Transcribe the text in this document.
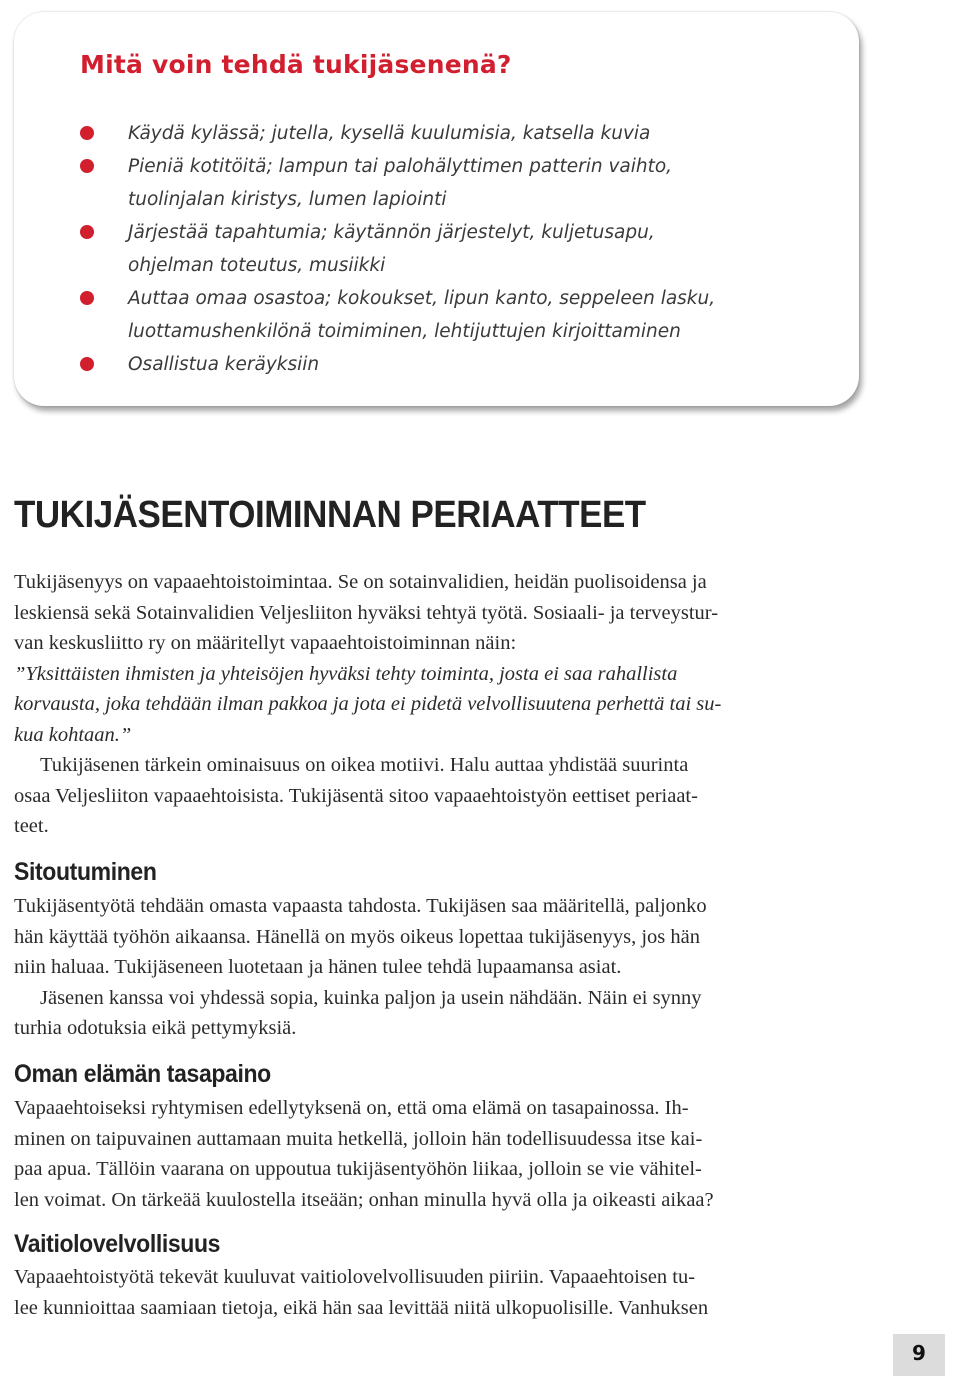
Mitä voin tehdä tukijäsenenä?
Käydä kylässä; jutella, kysellä kuulumisia, katsella kuvia
Pieniä kotitöitä; lampun tai palohälyttimen patterin vaihto,
tuolinjalan kiristys, lumen lapiointi
Järjestää tapahtumia; käytännön järjestelyt, kuljetusapu,
ohjelman toteutus, musiikki
Auttaa omaa osastoa; kokoukset, lipun kanto, seppeleen lasku,
luottamushenkilönä toimiminen, lehtijuttujen kirjoittaminen
Osallistua keräyksiin
TUKIJÄSENTOIMINNAN PERIAATTEET

Tukijäsenyys on vapaaehtoistoimintaa. Se on sotainvalidien, heidän puolisoidensa ja
leskiensä sekä Sotainvalidien Veljesliiton hyväksi tehtyä työtä. Sosiaali- ja terveystur-
van keskusliitto ry on määritellyt vapaaehtoistoiminnan näin:
”Yksittäisten ihmisten ja yhteisöjen hyväksi tehty toiminta, josta ei saa rahallista
korvausta, joka tehdään ilman pakkoa ja jota ei pidetä velvollisuutena perhettä tai su-
kua kohtaan.”
Tukijäsenen tärkein ominaisuus on oikea motiivi. Halu auttaa yhdistää suurinta
osaa Veljesliiton vapaaehtoisista. Tukijäsentä sitoo vapaaehtoistyön eettiset periaat-
teet.

Sitoutuminen

Tukijäsentyötä tehdään omasta vapaasta tahdosta. Tukijäsen saa määritellä, paljonko
hän käyttää työhön aikaansa. Hänellä on myös oikeus lopettaa tukijäsenyys, jos hän
niin haluaa. Tukijäseneen luotetaan ja hänen tulee tehdä lupaamansa asiat.
Jäsenen kanssa voi yhdessä sopia, kuinka paljon ja usein nähdään. Näin ei synny
turhia odotuksia eikä pettymyksiä.

Oman elämän tasapaino

Vapaaehtoiseksi ryhtymisen edellytyksenä on, että oma elämä on tasapainossa. Ih-
minen on taipuvainen auttamaan muita hetkellä, jolloin hän todellisuudessa itse kai-
paa apua. Tällöin vaarana on uppoutua tukijäsentyöhön liikaa, jolloin se vie vähitel-
len voimat. On tärkeää kuulostella itseään; onhan minulla hyvä olla ja oikeasti aikaa?

Vaitiolovelvollisuus

Vapaaehtoistyötä tekevät kuuluvat vaitiolovelvollisuuden piiriin. Vapaaehtoisen tu-
lee kunnioittaa saamiaan tietoja, eikä hän saa levittää niitä ulkopuolisille. Vanhuksen

9
